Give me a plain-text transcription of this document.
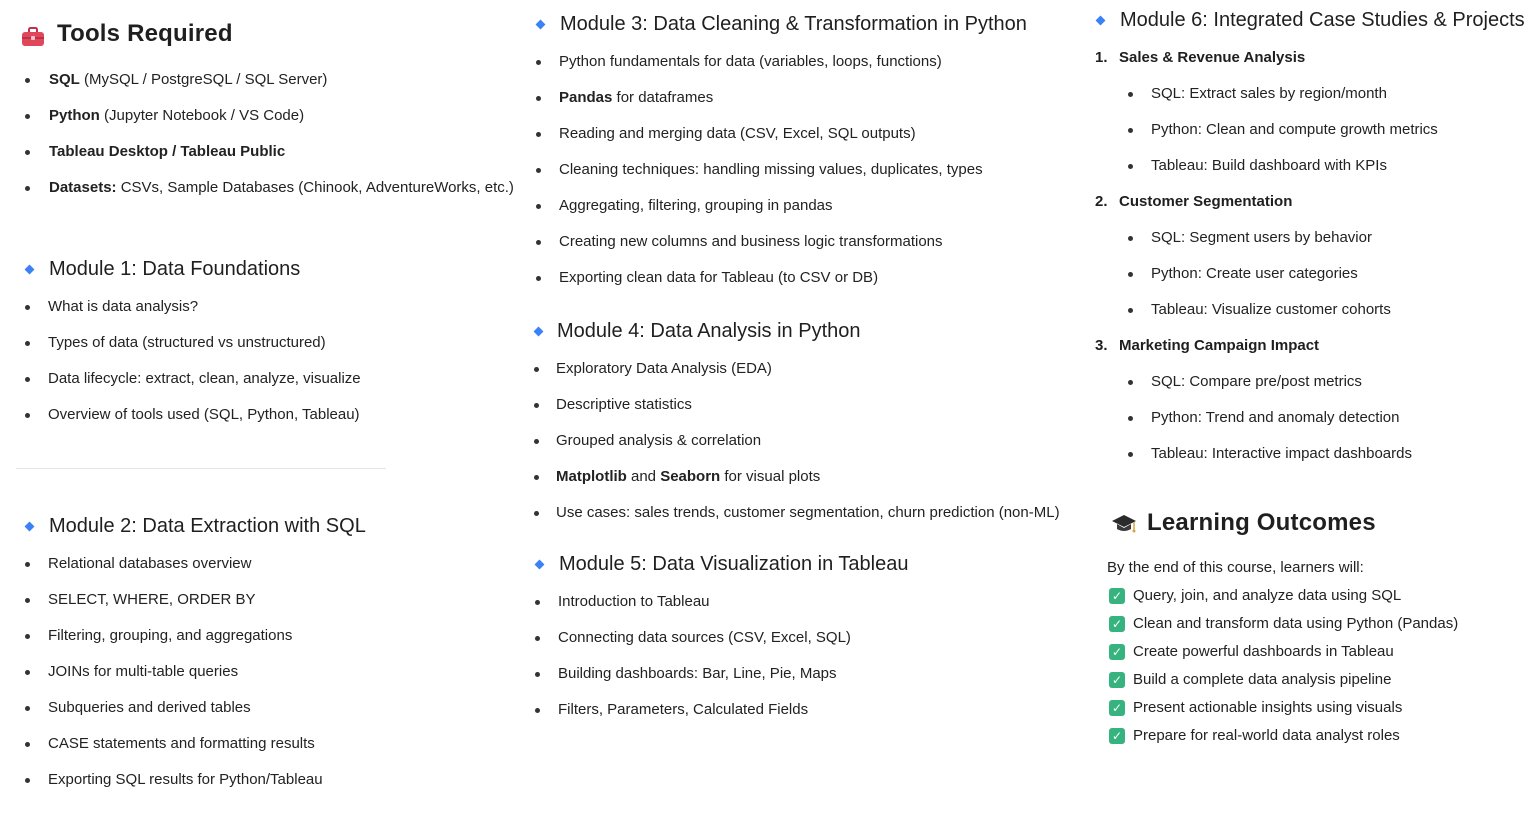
Tools Required
SQL (MySQL / PostgreSQL / SQL Server)
Python (Jupyter Notebook / VS Code)
Tableau Desktop / Tableau Public
Datasets: CSVs, Sample Databases (Chinook, AdventureWorks, etc.)
Module 1: Data Foundations
What is data analysis?
Types of data (structured vs unstructured)
Data lifecycle: extract, clean, analyze, visualize
Overview of tools used (SQL, Python, Tableau)
Module 2: Data Extraction with SQL
Relational databases overview
SELECT, WHERE, ORDER BY
Filtering, grouping, and aggregations
JOINs for multi-table queries
Subqueries and derived tables
CASE statements and formatting results
Exporting SQL results for Python/Tableau
Module 3: Data Cleaning & Transformation in Python
Python fundamentals for data (variables, loops, functions)
Pandas for dataframes
Reading and merging data (CSV, Excel, SQL outputs)
Cleaning techniques: handling missing values, duplicates, types
Aggregating, filtering, grouping in pandas
Creating new columns and business logic transformations
Exporting clean data for Tableau (to CSV or DB)
Module 4: Data Analysis in Python
Exploratory Data Analysis (EDA)
Descriptive statistics
Grouped analysis & correlation
Matplotlib and Seaborn for visual plots
Use cases: sales trends, customer segmentation, churn prediction (non-ML)
Module 5: Data Visualization in Tableau
Introduction to Tableau
Connecting data sources (CSV, Excel, SQL)
Building dashboards: Bar, Line, Pie, Maps
Filters, Parameters, Calculated Fields
Module 6: Integrated Case Studies & Projects
1. Sales & Revenue Analysis
SQL: Extract sales by region/month
Python: Clean and compute growth metrics
Tableau: Build dashboard with KPIs
2. Customer Segmentation
SQL: Segment users by behavior
Python: Create user categories
Tableau: Visualize customer cohorts
3. Marketing Campaign Impact
SQL: Compare pre/post metrics
Python: Trend and anomaly detection
Tableau: Interactive impact dashboards
Learning Outcomes
By the end of this course, learners will:
✓ Query, join, and analyze data using SQL
✓ Clean and transform data using Python (Pandas)
✓ Create powerful dashboards in Tableau
✓ Build a complete data analysis pipeline
✓ Present actionable insights using visuals
✓ Prepare for real-world data analyst roles
